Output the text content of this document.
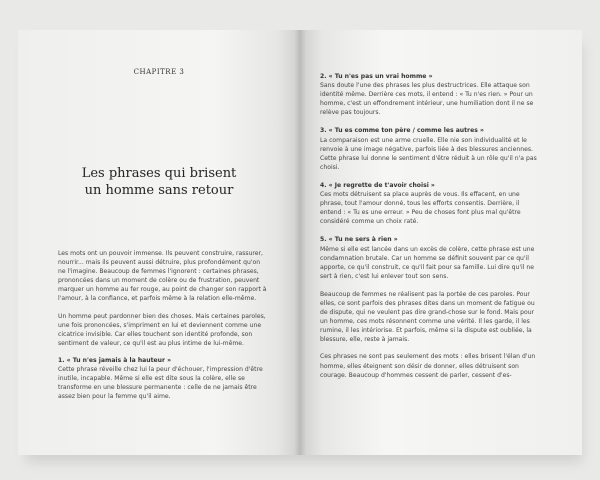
CHAPITRE 3
Les phrases qui brisent
un homme sans retour

Les mots ont un pouvoir immense. Ils peuvent construire, rassurer, nourrir... mais ils peuvent aussi détruire, plus profondément qu'on ne l'imagine. Beaucoup de femmes l'ignorent : certaines phrases, prononcées dans un moment de colère ou de frustration, peuvent marquer un homme au fer rouge, au point de changer son rapport à l'amour, à la confiance, et parfois même à la relation elle-même.

Un homme peut pardonner bien des choses. Mais certaines paroles, une fois prononcées, s'impriment en lui et deviennent comme une cicatrice invisible. Car elles touchent son identité profonde, son sentiment de valeur, ce qu'il est au plus intime de lui-même.

1. « Tu n'es jamais à la hauteur »

Cette phrase réveille chez lui la peur d'échouer, l'impression d'être inutile, incapable. Même si elle est dite sous la colère, elle se transforme en une blessure permanente : celle de ne jamais être assez bien pour la femme qu'il aime.

2. « Tu n'es pas un vrai homme »

Sans doute l'une des phrases les plus destructrices. Elle attaque son identité même. Derrière ces mots, il entend : « Tu n'es rien. » Pour un homme, c'est un effondrement intérieur, une humiliation dont il ne se relève pas toujours.

3. « Tu es comme ton père / comme les autres »

La comparaison est une arme cruelle. Elle nie son individualité et le renvoie à une image négative, parfois liée à des blessures anciennes. Cette phrase lui donne le sentiment d'être réduit à un rôle qu'il n'a pas choisi.

4. « Je regrette de t'avoir choisi »

Ces mots détruisent sa place auprès de vous. Ils effacent, en une phrase, tout l'amour donné, tous les efforts consentis. Derrière, il entend : « Tu es une erreur. » Peu de choses font plus mal qu'être considéré comme un choix raté.

5. « Tu ne sers à rien »

Même si elle est lancée dans un excès de colère, cette phrase est une condamnation brutale. Car un homme se définit souvent par ce qu'il apporte, ce qu'il construit, ce qu'il fait pour sa famille. Lui dire qu'il ne sert à rien, c'est lui enlever tout son sens.

Beaucoup de femmes ne réalisent pas la portée de ces paroles. Pour elles, ce sont parfois des phrases dites dans un moment de fatigue ou de dispute, qui ne veulent pas dire grand-chose sur le fond. Mais pour un homme, ces mots résonnent comme une vérité. Il les garde, il les rumine, il les intériorise. Et parfois, même si la dispute est oubliée, la blessure, elle, reste à jamais.

Ces phrases ne sont pas seulement des mots : elles brisent l'élan d'un homme, elles éteignent son désir de donner, elles détruisent son courage. Beaucoup d'hommes cessent de parler, cessent d'es-
